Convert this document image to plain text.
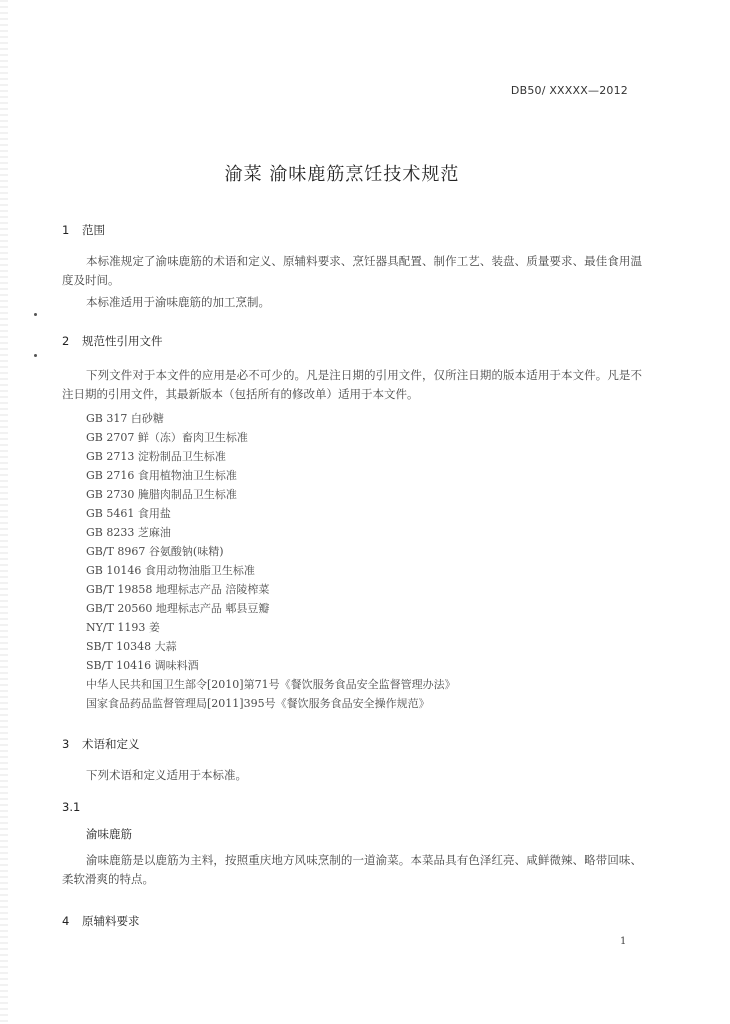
DB50/ XXXXX—2012
渝菜 渝味鹿筋烹饪技术规范
1 范围
本标准规定了渝味鹿筋的术语和定义、原辅料要求、烹饪器具配置、制作工艺、装盘、质量要求、最佳食用温度及时间。
本标准适用于渝味鹿筋的加工烹制。
2 规范性引用文件
下列文件对于本文件的应用是必不可少的。凡是注日期的引用文件，仅所注日期的版本适用于本文件。凡是不注日期的引用文件，其最新版本（包括所有的修改单）适用于本文件。
GB 317 白砂糖
GB 2707 鲜（冻）畜肉卫生标准
GB 2713 淀粉制品卫生标准
GB 2716 食用植物油卫生标准
GB 2730 腌腊肉制品卫生标准
GB 5461 食用盐
GB 8233 芝麻油
GB/T 8967 谷氨酸钠(味精)
GB 10146 食用动物油脂卫生标准
GB/T 19858 地理标志产品 涪陵榨菜
GB/T 20560 地理标志产品 郫县豆瓣
NY/T 1193 姜
SB/T 10348 大蒜
SB/T 10416 调味料酒
中华人民共和国卫生部令[2010]第71号《餐饮服务食品安全监督管理办法》
国家食品药品监督管理局[2011]395号《餐饮服务食品安全操作规范》
3 术语和定义
下列术语和定义适用于本标准。
3.1
渝味鹿筋
渝味鹿筋是以鹿筋为主料，按照重庆地方风味烹制的一道渝菜。本菜品具有色泽红亮、咸鲜微辣、略带回味、柔软滑爽的特点。
4 原辅料要求
1
